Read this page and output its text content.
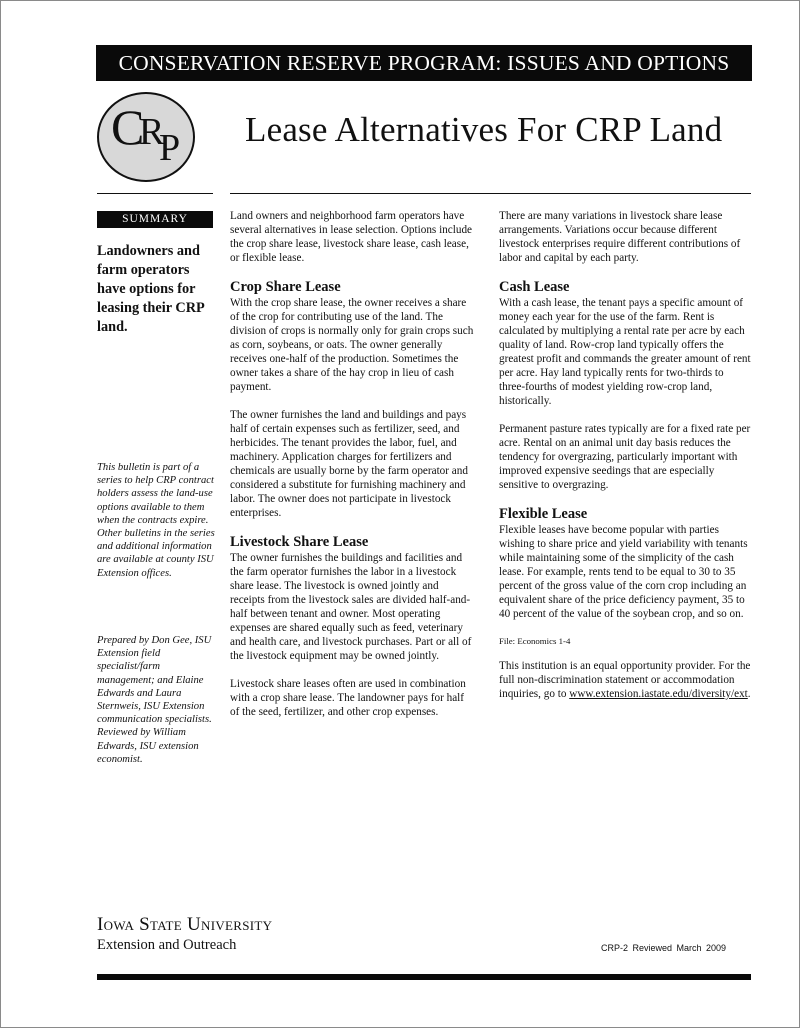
CONSERVATION RESERVE PROGRAM: ISSUES AND OPTIONS
C
R
P Lease Alternatives For CRP Land
SUMMARY
Landowners and farm operators have options for leasing their CRP land.
This bulletin is part of a series to help CRP contract holders assess the land-use options available to them when the contracts expire. Other bulletins in the series and additional information are available at county ISU Extension offices.
Prepared by Don Gee, ISU Extension field specialist/farm management; and Elaine Edwards and Laura Sternweis, ISU Extension communication specialists. Reviewed by William Edwards, ISU extension economist.

Land owners and neighborhood farm operators have several alternatives in lease selection. Options include the crop share lease, livestock share lease, cash lease, or flexible lease.

Crop Share Lease

With the crop share lease, the owner receives a share of the crop for contributing use of the land. The division of crops is normally only for grain crops such as corn, soybeans, or oats. The owner generally receives one-half of the production. Sometimes the owner takes a share of the hay crop in lieu of cash payment.

The owner furnishes the land and buildings and pays half of certain expenses such as fertilizer, seed, and herbicides. The tenant provides the labor, fuel, and machinery. Application charges for fertilizers and chemicals are usually borne by the farm operator and considered a substitute for furnishing machinery and labor. The owner does not participate in livestock enterprises.

Livestock Share Lease

The owner furnishes the buildings and facilities and the farm operator furnishes the labor in a livestock share lease. The livestock is owned jointly and receipts from the livestock sales are divided half-and-half between tenant and owner. Most operating expenses are shared equally such as feed, veterinary and health care, and livestock purchases. Part or all of the livestock equipment may be owned jointly.

Livestock share leases often are used in combination with a crop share lease. The landowner pays for half of the seed, fertilizer, and other crop expenses.

There are many variations in livestock share lease arrangements. Variations occur because different livestock enterprises require different contributions of labor and capital by each party.

Cash Lease

With a cash lease, the tenant pays a specific amount of money each year for the use of the farm. Rent is calculated by multiplying a rental rate per acre by each quality of land. Row-crop land typically offers the greatest profit and commands the greater amount of rent per acre. Hay land typically rents for two-thirds to three-fourths of modest yielding row-crop land, historically.

Permanent pasture rates typically are for a fixed rate per acre. Rental on an animal unit day basis reduces the tendency for overgrazing, particularly important with improved expensive seedings that are especially sensitive to overgrazing.

Flexible Lease

Flexible leases have become popular with parties wishing to share price and yield variability with tenants while maintaining some of the simplicity of the cash lease. For example, rents tend to be equal to 30 to 35 percent of the gross value of the corn crop including an equivalent share of the price deficiency payment, 35 to 40 percent of the value of the soybean crop, and so on.

File: Economics 1-4

This institution is an equal opportunity provider. For the full non-discrimination statement or accommodation inquiries, go to www.extension.iastate.edu/diversity/ext.

Iowa State University
Extension and Outreach	CRP-2 Reviewed March 2009
